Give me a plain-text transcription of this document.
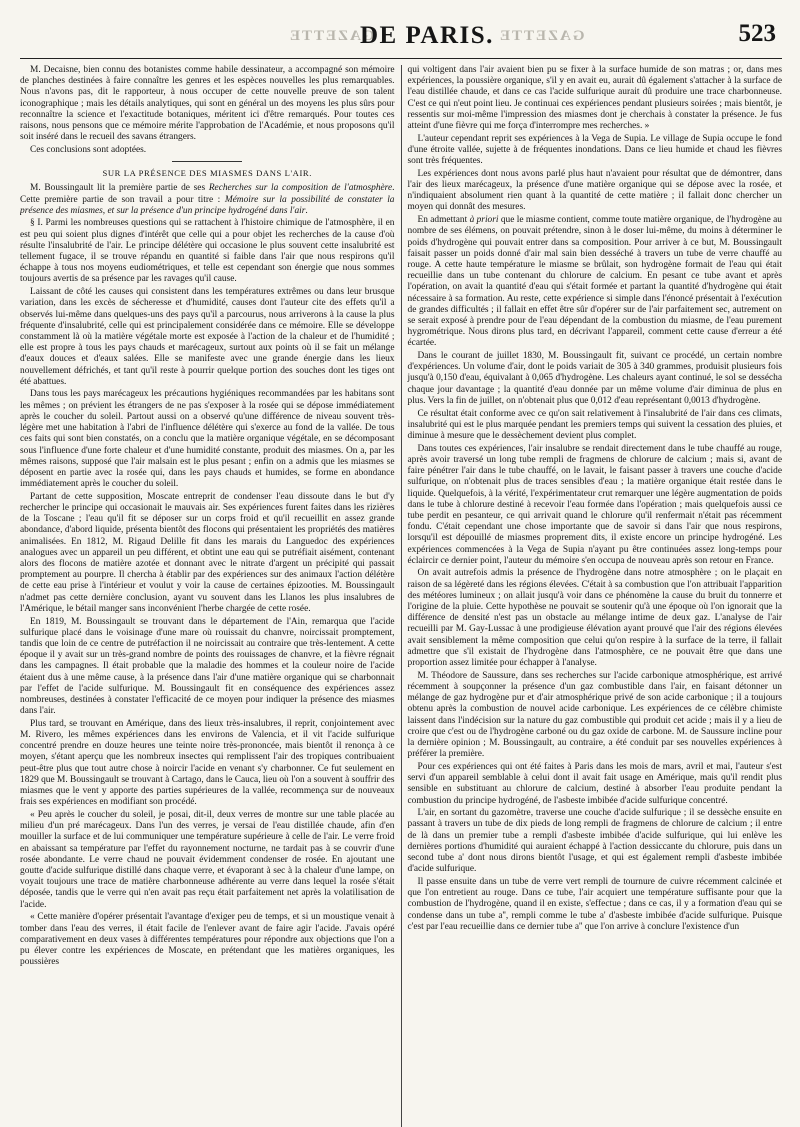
GAZETTE
DE PARIS. GAZETTE	523

M. Decaisne, bien connu des botanistes comme habile dessinateur, a accompagné son mémoire de planches destinées à faire connaître les genres et les espèces nouvelles les plus remarquables. Nous n'avons pas, dit le rapporteur, à nous occuper de cette nouvelle preuve de son talent iconographique ; mais les détails analytiques, qui sont en général un des moyens les plus sûrs pour reconnaître la science et l'exactitude botaniques, méritent ici d'être remarqués. Pour toutes ces raisons, nous pensons que ce mémoire mérite l'approbation de l'Académie, et nous proposons qu'il soit inséré dans le recueil des savans étrangers.

Ces conclusions sont adoptées.

SUR LA PRÉSENCE DES MIASMES DANS L'AIR.

M. Boussingault lit la première partie de ses Recherches sur la composition de l'atmosphère. Cette première partie de son travail a pour titre : Mémoire sur la possibilité de constater la présence des miasmes, et sur la présence d'un principe hydrogéné dans l'air.

§ I. Parmi les nombreuses questions qui se rattachent à l'histoire chimique de l'atmosphère, il en est peu qui soient plus dignes d'intérêt que celle qui a pour objet les recherches de la cause d'où résulte l'insalubrité de l'air. Le principe délétère qui occasione le plus souvent cette insalubrité est tellement fugace, il se trouve répandu en quantité si faible dans l'air que nous respirons qu'il échappe à tous nos moyens eudiométriques, et telle est cependant son énergie que nous sommes toujours avertis de sa présence par les ravages qu'il cause.

Laissant de côté les causes qui consistent dans les températures extrêmes ou dans leur brusque variation, dans les excès de sécheresse et d'humidité, causes dont l'auteur cite des effets qu'il a observés lui-même dans quelques-uns des pays qu'il a parcourus, nous arriverons à la cause la plus fréquente d'insalubrité, celle qui est principalement considérée dans ce mémoire. Elle se développe constamment là où la matière végétale morte est exposée à l'action de la chaleur et de l'humidité ; elle est propre à tous les pays chauds et marécageux, surtout aux points où il se fait un mélange d'eaux douces et d'eaux salées. Elle se manifeste avec une grande énergie dans les lieux nouvellement défrichés, et tant qu'il reste à pourrir quelque portion des souches dont les tiges ont été abattues.

Dans tous les pays marécageux les précautions hygiéniques recommandées par les habitans sont les mêmes ; on prévient les étrangers de ne pas s'exposer à la rosée qui se dépose immédiatement après le coucher du soleil. Partout aussi on a observé qu'une différence de niveau souvent très-légère met une habitation à l'abri de l'influence délétère qui s'exerce au fond de la vallée. De tous ces faits qui sont bien constatés, on a conclu que la matière organique végétale, en se décomposant sous l'influence d'une forte chaleur et d'une humidité constante, produit des miasmes. On a, par les mêmes raisons, supposé que l'air malsain est le plus pesant ; enfin on a admis que les miasmes se déposent en partie avec la rosée qui, dans les pays chauds et humides, se forme en abondance immédiatement après le coucher du soleil.

Partant de cette supposition, Moscate entreprit de condenser l'eau dissoute dans le but d'y rechercher le principe qui occasionait le mauvais air. Ses expériences furent faites dans les rizières de la Toscane ; l'eau qu'il fit se déposer sur un corps froid et qu'il recueillit en assez grande abondance, d'abord liquide, présenta bientôt des flocons qui présentaient les propriétés des matières animalisées. En 1812, M. Rigaud Delille fit dans les marais du Languedoc des expériences analogues avec un appareil un peu différent, et obtint une eau qui se putréfiait aisément, contenant alors des flocons de matière azotée et donnant avec le nitrate d'argent un précipité qui passait promptement au pourpre. Il chercha à établir par des expériences sur des animaux l'action délétère de cette eau prise à l'intérieur et voulut y voir la cause de certaines épizooties. M. Boussingault n'admet pas cette dernière conclusion, ayant vu souvent dans les Llanos les plus insalubres de l'Amérique, le bétail manger sans inconvénient l'herbe chargée de cette rosée.

En 1819, M. Boussingault se trouvant dans le département de l'Ain, remarqua que l'acide sulfurique placé dans le voisinage d'une mare où rouissait du chanvre, noircissait promptement, tandis que loin de ce centre de putréfaction il ne noircissait au contraire que très-lentement. A cette époque il y avait sur un très-grand nombre de points des rouissages de chanvre, et la fièvre régnait dans les campagnes. Il était probable que la maladie des hommes et la couleur noire de l'acide étaient dus à une même cause, à la présence dans l'air d'une matière organique qui se charbonnait par l'effet de l'acide sulfurique. M. Boussingault fit en conséquence des expériences assez nombreuses, destinées à constater l'efficacité de ce moyen pour indiquer la présence des miasmes dans l'air.

Plus tard, se trouvant en Amérique, dans des lieux très-insalubres, il reprit, conjointement avec M. Rivero, les mêmes expériences dans les environs de Valencia, et il vit l'acide sulfurique concentré prendre en douze heures une teinte noire très-prononcée, mais bientôt il renonça à ce moyen, s'étant aperçu que les nombreux insectes qui remplissent l'air des tropiques contribuaient peut-être plus que tout autre chose à noircir l'acide en venant s'y charbonner. Ce fut seulement en 1829 que M. Boussingault se trouvant à Cartago, dans le Cauca, lieu où l'on a souvent à souffrir des miasmes que le vent y apporte des parties supérieures de la vallée, recommença sur de nouveaux frais ses expériences en modifiant son procédé.

« Peu après le coucher du soleil, je posai, dit-il, deux verres de montre sur une table placée au milieu d'un pré marécageux. Dans l'un des verres, je versai de l'eau distillée chaude, afin d'en mouiller la surface et de lui communiquer une température supérieure à celle de l'air. Le verre froid en abaissant sa température par l'effet du rayonnement nocturne, ne tardait pas à se couvrir d'une rosée abondante. Le verre chaud ne pouvait évidemment condenser de rosée. En ajoutant une goutte d'acide sulfurique distillé dans chaque verre, et évaporant à sec à la chaleur d'une lampe, on voyait toujours une trace de matière charbonneuse adhérente au verre dans lequel la rosée s'était déposée, tandis que le verre qui n'en avait pas reçu était parfaitement net après la volatilisation de l'acide.

« Cette manière d'opérer présentait l'avantage d'exiger peu de temps, et si un moustique venait à tomber dans l'eau des verres, il était facile de l'enlever avant de faire agir l'acide. J'avais opéré comparativement en deux vases à différentes températures pour répondre aux objections que l'on a pu élever contre les expériences de Moscate, en prétendant que les matières organiques, les poussières

qui voltigent dans l'air avaient bien pu se fixer à la surface humide de son matras ; or, dans mes expériences, la poussière organique, s'il y en avait eu, aurait dû également s'attacher à la surface de l'eau distillée chaude, et dans ce cas l'acide sulfurique aurait dû produire une trace charbonneuse. C'est ce qui n'eut point lieu. Je continuai ces expériences pendant plusieurs soirées ; mais bientôt, je ressentis sur moi-même l'impression des miasmes dont je cherchais à constater la présence. Je fus atteint d'une fièvre qui me força d'interrompre mes recherches. »

L'auteur cependant reprit ses expériences à la Vega de Supia. Le village de Supia occupe le fond d'une étroite vallée, sujette à de fréquentes inondations. Dans ce lieu humide et chaud les fièvres sont très fréquentes.

Les expériences dont nous avons parlé plus haut n'avaient pour résultat que de démontrer, dans l'air des lieux marécageux, la présence d'une matière organique qui se dépose avec la rosée, et n'indiquaient absolument rien quant à la quantité de cette matière ; il fallait donc chercher un moyen qui donnât des mesures.

En admettant à priori que le miasme contient, comme toute matière organique, de l'hydrogène au nombre de ses élémens, on pouvait prétendre, sinon à le doser lui-même, du moins à déterminer le poids d'hydrogène qui pouvait entrer dans sa composition. Pour arriver à ce but, M. Boussingault faisait passer un poids donné d'air mal sain bien desséché à travers un tube de verre chauffé au rouge. A cette haute température le miasme se brûlait, son hydrogène formait de l'eau qui était recueillie dans un tube contenant du chlorure de calcium. En pesant ce tube avant et après l'opération, on avait la quantité d'eau qui s'était formée et partant la quantité d'hydrogène qui était nécessaire à sa formation. Au reste, cette expérience si simple dans l'énoncé présentait à l'exécution de grandes difficultés ; il fallait en effet être sûr d'opérer sur de l'air parfaitement sec, autrement on se serait exposé à prendre pour de l'eau dépendant de la combustion du miasme, de l'eau purement hygrométrique. Nous dirons plus tard, en décrivant l'appareil, comment cette cause d'erreur a été écartée.

Dans le courant de juillet 1830, M. Boussingault fit, suivant ce procédé, un certain nombre d'expériences. Un volume d'air, dont le poids variait de 305 à 340 grammes, produisit plusieurs fois jusqu'à 0,150 d'eau, équivalant à 0,065 d'hydrogène. Les chaleurs ayant continué, le sol se dessécha chaque jour davantage ; la quantité d'eau donnée par un même volume d'air diminua de plus en plus. Vers la fin de juillet, on n'obtenait plus que 0,012 d'eau représentant 0,0013 d'hydrogène.

Ce résultat était conforme avec ce qu'on sait relativement à l'insalubrité de l'air dans ces climats, insalubrité qui est le plus marquée pendant les premiers temps qui suivent la cessation des pluies, et diminue à mesure que le dessèchement devient plus complet.

Dans toutes ces expériences, l'air insalubre se rendait directement dans le tube chauffé au rouge, après avoir traversé un long tube rempli de fragmens de chlorure de calcium ; mais si, avant de faire pénétrer l'air dans le tube chauffé, on le lavait, le faisant passer à travers une couche d'acide sulfurique, on n'obtenait plus de traces sensibles d'eau ; la matière organique était restée dans le liquide. Quelquefois, à la vérité, l'expérimentateur crut remarquer une légère augmentation de poids dans le tube à chlorure destiné à recevoir l'eau formée dans l'opération ; mais quelquefois aussi ce tube perdit en pesanteur, ce qui arrivait quand le chlorure qu'il renfermait n'était pas récemment fondu. C'était cependant une chose importante que de savoir si dans l'air que nous respirons, lorsqu'il est dépouillé de miasmes proprement dits, il existe encore un principe hydrogéné. Les expériences commencées à la Vega de Supia n'ayant pu être continuées assez long-temps pour éclaircir ce dernier point, l'auteur du mémoire s'en occupa de nouveau après son retour en France.

On avait autrefois admis la présence de l'hydrogène dans notre atmosphère ; on le plaçait en raison de sa légèreté dans les régions élevées. C'était à sa combustion que l'on attribuait l'apparition des météores lumineux ; on allait jusqu'à voir dans ce phénomène la cause du bruit du tonnerre et l'origine de la pluie. Cette hypothèse ne pouvait se soutenir qu'à une époque où l'on ignorait que la différence de densité n'est pas un obstacle au mélange intime de deux gaz. L'analyse de l'air recueilli par M. Gay-Lussac à une prodigieuse élévation ayant prouvé que l'air des régions élevées avait sensiblement la même composition que celui qu'on respire à la surface de la terre, il fallait admettre que s'il existait de l'hydrogène dans l'atmosphère, ce ne pouvait être que dans une proportion assez limitée pour échapper à l'analyse.

M. Théodore de Saussure, dans ses recherches sur l'acide carbonique atmosphérique, est arrivé récemment à soupçonner la présence d'un gaz combustible dans l'air, en faisant détonner un mélange de gaz hydrogène pur et d'air atmosphérique privé de son acide carbonique ; il a toujours obtenu après la combustion de nouvel acide carbonique. Les expériences de ce célèbre chimiste laissent dans l'indécision sur la nature du gaz combustible qui produit cet acide ; mais il y a lieu de croire que c'est ou de l'hydrogène carboné ou du gaz oxide de carbone. M. de Saussure incline pour la dernière opinion ; M. Boussingault, au contraire, a été conduit par ses nouvelles expériences à préférer la première.

Pour ces expériences qui ont été faites à Paris dans les mois de mars, avril et mai, l'auteur s'est servi d'un appareil semblable à celui dont il avait fait usage en Amérique, mais qu'il rendit plus sensible en substituant au chlorure de calcium, destiné à absorber l'eau produite pendant la combustion du principe hydrogéné, de l'asbeste imbibée d'acide sulfurique concentré.

L'air, en sortant du gazomètre, traverse une couche d'acide sulfurique ; il se dessèche ensuite en passant à travers un tube de dix pieds de long rempli de fragmens de chlorure de calcium ; il entre de là dans un premier tube a rempli d'asbeste imbibée d'acide sulfurique, qui lui enlève les dernières portions d'humidité qui auraient échappé à l'action dessiccante du chlorure, puis dans un second tube a' dont nous dirons bientôt l'usage, et qui est également rempli d'asbeste imbibée d'acide sulfurique.

Il passe ensuite dans un tube de verre vert rempli de tournure de cuivre récemment calcinée et que l'on entretient au rouge. Dans ce tube, l'air acquiert une température suffisante pour que la combustion de l'hydrogène, quand il en existe, s'effectue ; dans ce cas, il y a formation d'eau qui se condense dans un tube a'', rempli comme le tube a' d'asbeste imbibée d'acide sulfurique. Puisque c'est par l'eau recueillie dans ce dernier tube a'' que l'on arrive à conclure l'existence d'un
